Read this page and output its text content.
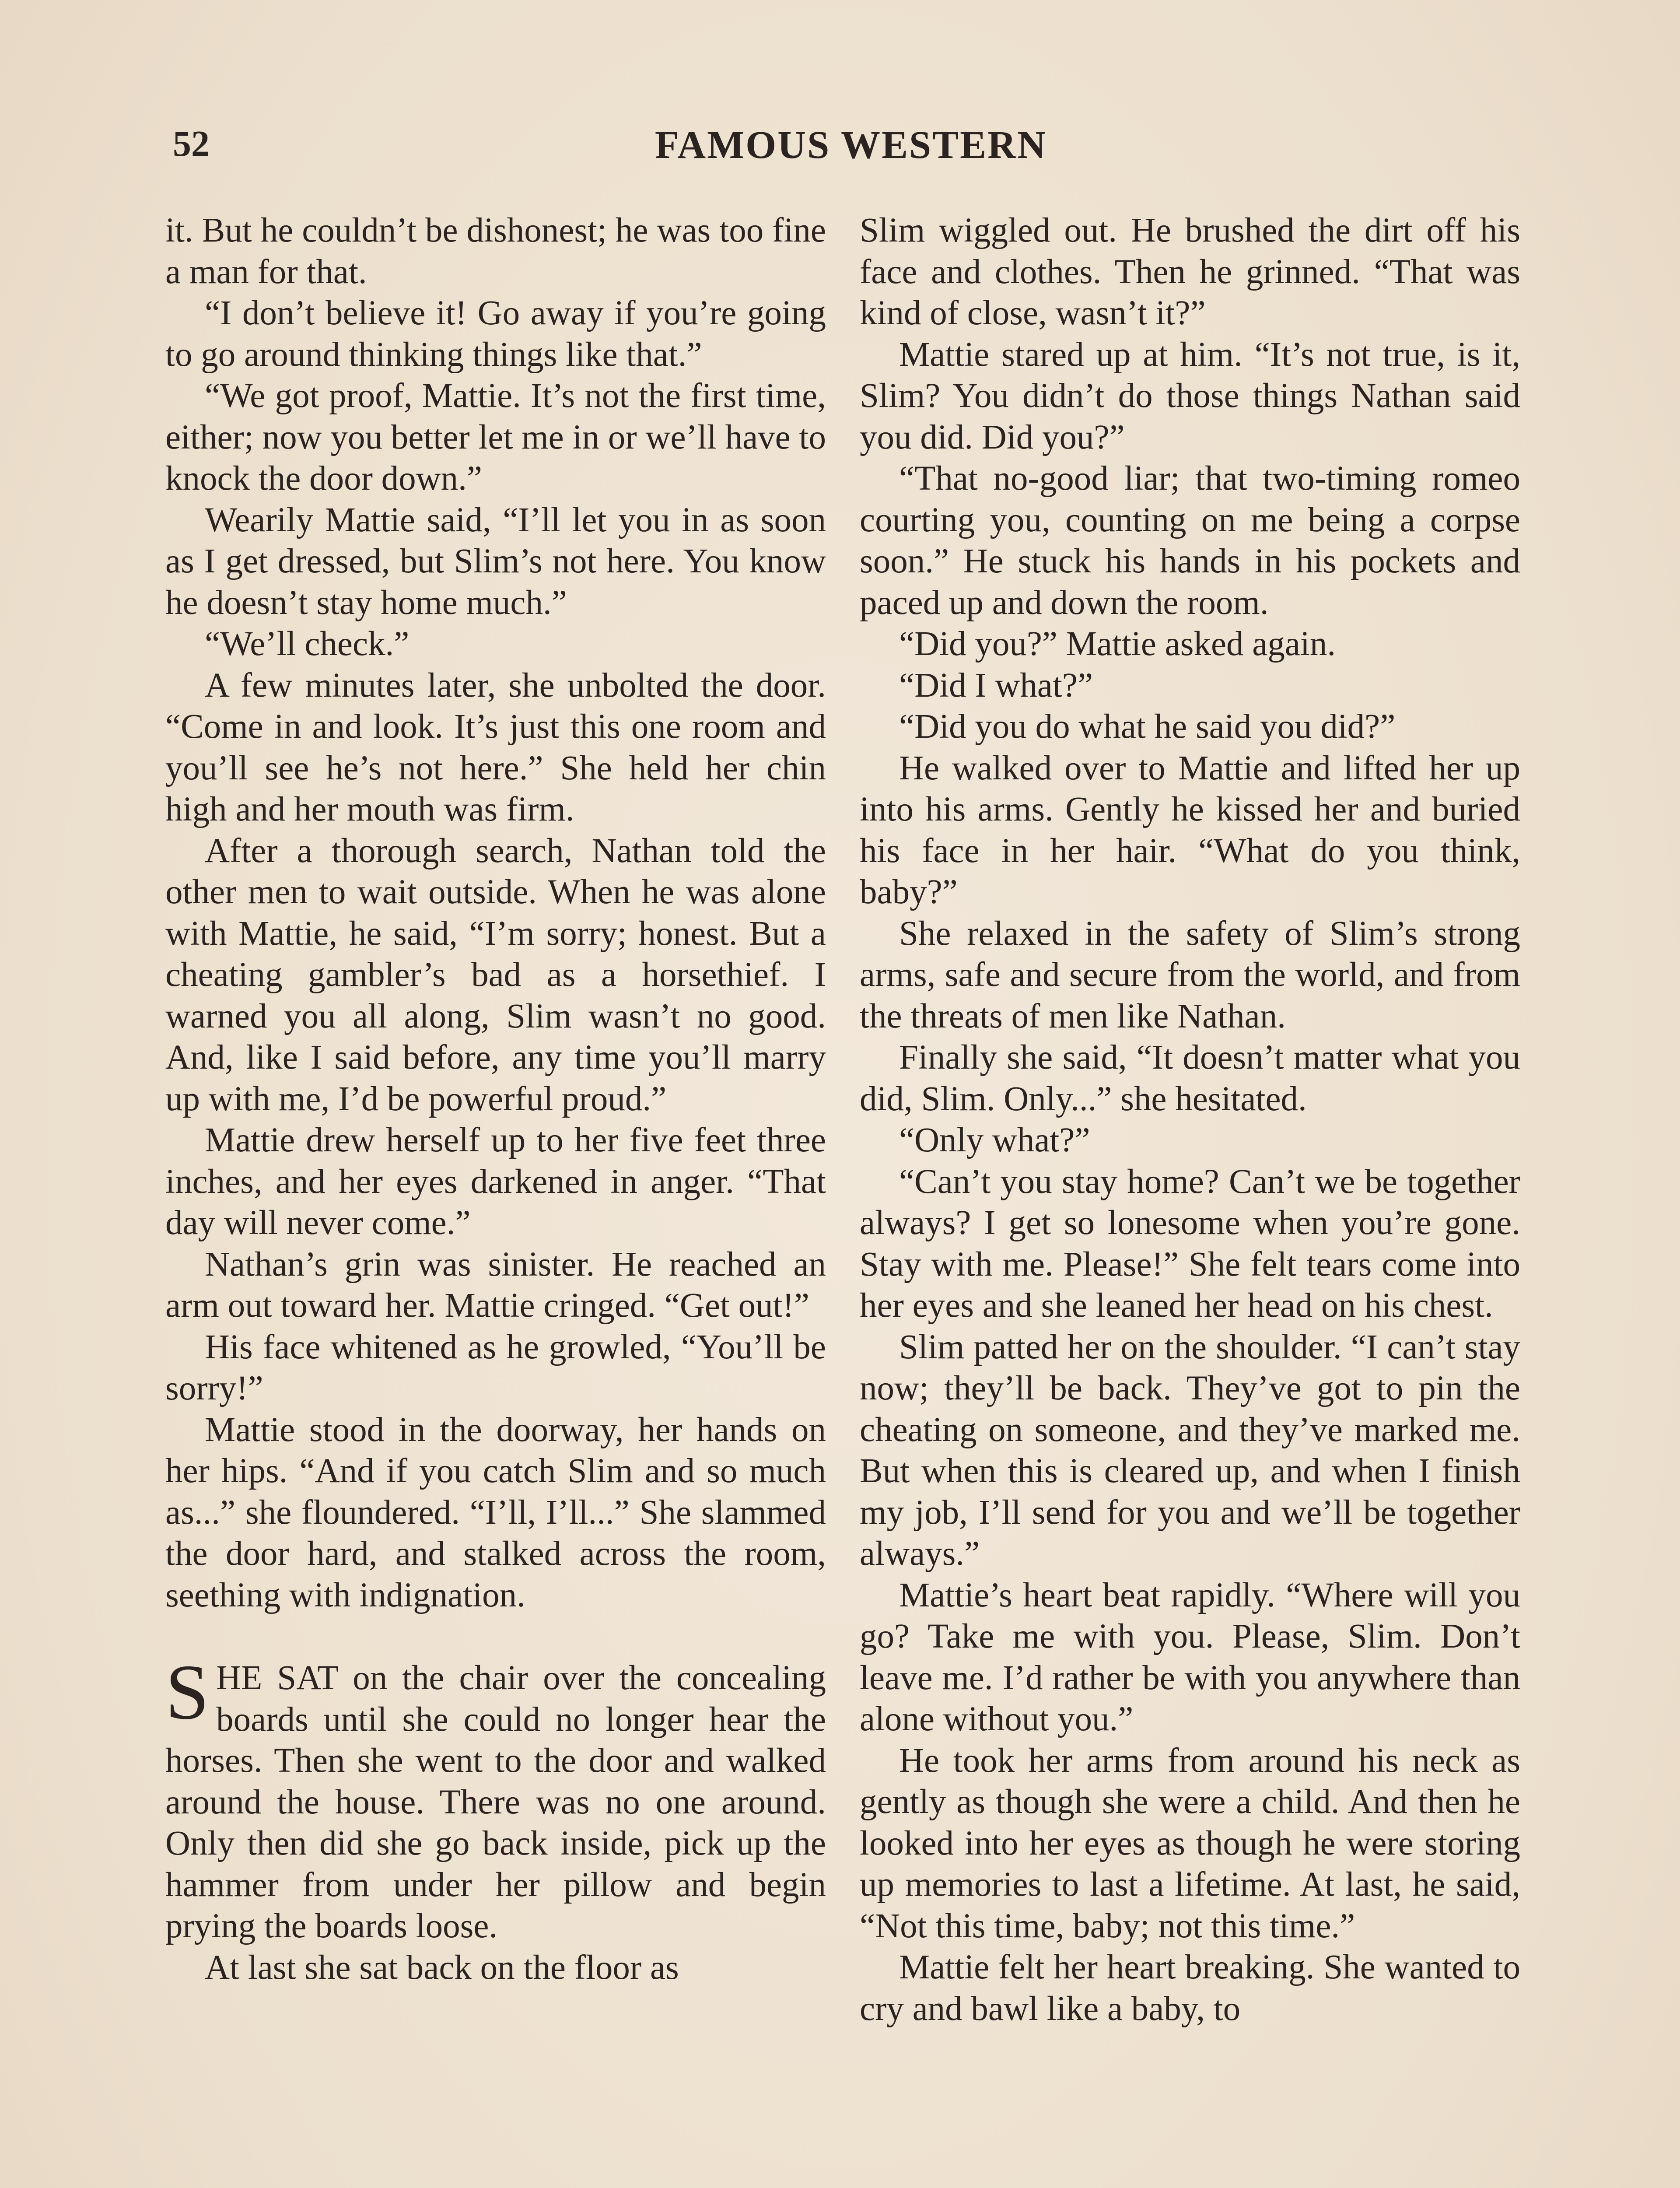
52	FAMOUS WESTERN

it. But he couldn’t be dishonest; he was too fine a man for that.

“I don’t believe it! Go away if you’re going to go around thinking things like that.”

“We got proof, Mattie. It’s not the first time, either; now you better let me in or we’ll have to knock the door down.”

Wearily Mattie said, “I’ll let you in as soon as I get dressed, but Slim’s not here. You know he doesn’t stay home much.”

“We’ll check.”

A few minutes later, she unbolted the door. “Come in and look. It’s just this one room and you’ll see he’s not here.” She held her chin high and her mouth was firm.

After a thorough search, Nathan told the other men to wait outside. When he was alone with Mattie, he said, “I’m sorry; honest. But a cheating gambler’s bad as a horsethief. I warned you all along, Slim wasn’t no good. And, like I said before, any time you’ll marry up with me, I’d be powerful proud.”

Mattie drew herself up to her five feet three inches, and her eyes darkened in anger. “That day will never come.”

Nathan’s grin was sinister. He reached an arm out toward her. Mattie cringed. “Get out!”

His face whitened as he growled, “You’ll be sorry!”

Mattie stood in the doorway, her hands on her hips. “And if you catch Slim and so much as...” she floundered. “I’ll, I’ll...” She slammed the door hard, and stalked across the room, seething with indignation.

SHE SAT on the chair over the concealing boards until she could no longer hear the horses. Then she went to the door and walked around the house. There was no one around. Only then did she go back inside, pick up the hammer from under her pillow and begin prying the boards loose.

At last she sat back on the floor as

Slim wiggled out. He brushed the dirt off his face and clothes. Then he grinned. “That was kind of close, wasn’t it?”

Mattie stared up at him. “It’s not true, is it, Slim? You didn’t do those things Nathan said you did. Did you?”

“That no-good liar; that two-timing romeo courting you, counting on me being a corpse soon.” He stuck his hands in his pockets and paced up and down the room.

“Did you?” Mattie asked again.

“Did I what?”

“Did you do what he said you did?”

He walked over to Mattie and lifted her up into his arms. Gently he kissed her and buried his face in her hair. “What do you think, baby?”

She relaxed in the safety of Slim’s strong arms, safe and secure from the world, and from the threats of men like Nathan.

Finally she said, “It doesn’t matter what you did, Slim. Only...” she hesitated.

“Only what?”

“Can’t you stay home? Can’t we be together always? I get so lonesome when you’re gone. Stay with me. Please!” She felt tears come into her eyes and she leaned her head on his chest.

Slim patted her on the shoulder. “I can’t stay now; they’ll be back. They’ve got to pin the cheating on someone, and they’ve marked me. But when this is cleared up, and when I finish my job, I’ll send for you and we’ll be together always.”

Mattie’s heart beat rapidly. “Where will you go? Take me with you. Please, Slim. Don’t leave me. I’d rather be with you anywhere than alone without you.”

He took her arms from around his neck as gently as though she were a child. And then he looked into her eyes as though he were storing up memories to last a lifetime. At last, he said, “Not this time, baby; not this time.”

Mattie felt her heart breaking. She wanted to cry and bawl like a baby, to
